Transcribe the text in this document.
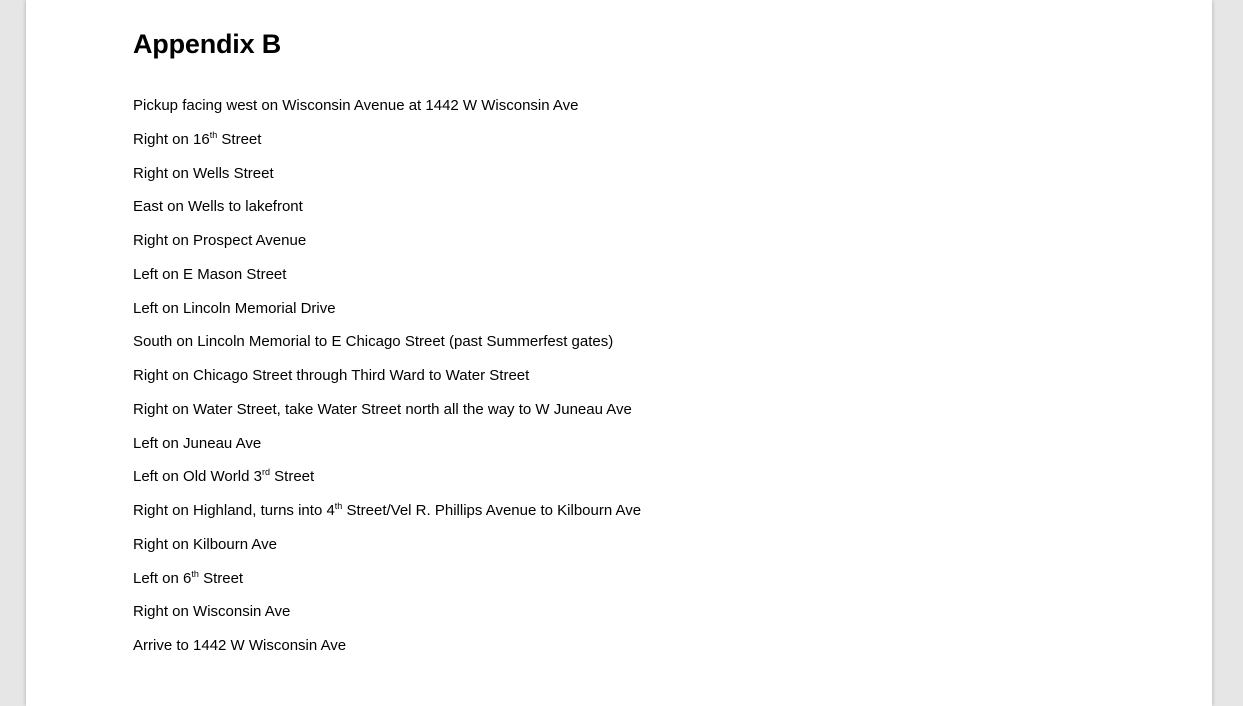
Appendix B
Pickup facing west on Wisconsin Avenue at 1442 W Wisconsin Ave
Right on 16th Street
Right on Wells Street
East on Wells to lakefront
Right on Prospect Avenue
Left on E Mason Street
Left on Lincoln Memorial Drive
South on Lincoln Memorial to E Chicago Street (past Summerfest gates)
Right on Chicago Street through Third Ward to Water Street
Right on Water Street, take Water Street north all the way to W Juneau Ave
Left on Juneau Ave
Left on Old World 3rd Street
Right on Highland, turns into 4th Street/Vel R. Phillips Avenue to Kilbourn Ave
Right on Kilbourn Ave
Left on 6th Street
Right on Wisconsin Ave
Arrive to 1442 W Wisconsin Ave
